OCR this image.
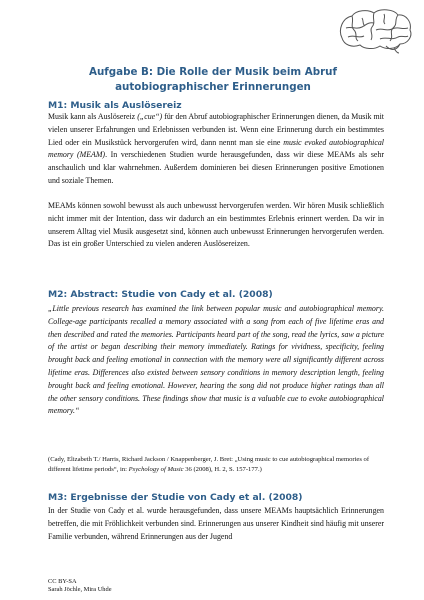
Aufgabe B: Die Rolle der Musik beim Abruf autobiographischer Erinnerungen
M1: Musik als Auslösereiz
Musik kann als Auslösereiz („cue“) für den Abruf autobiographischer Erinnerungen dienen, da Musik mit vielen unserer Erfahrungen und Erlebnissen verbunden ist. Wenn eine Erinnerung durch ein bestimmtes Lied oder ein Musikstück hervorgerufen wird, dann nennt man sie eine music evoked autobiographical memory (MEAM). In verschiedenen Studien wurde herausgefunden, dass wir diese MEAMs als sehr anschaulich und klar wahrnehmen. Außerdem dominieren bei diesen Erinnerungen positive Emotionen und soziale Themen.
MEAMs können sowohl bewusst als auch unbewusst hervorgerufen werden. Wir hören Musik schließlich nicht immer mit der Intention, dass wir dadurch an ein bestimmtes Erlebnis erinnert werden. Da wir in unserem Alltag viel Musik ausgesetzt sind, können auch unbewusst Erinnerungen hervorgerufen werden. Das ist ein großer Unterschied zu vielen anderen Auslösereizen.
M2: Abstract: Studie von Cady et al. (2008)
„Little previous research has examined the link between popular music and autobiographical memory. College-age participants recalled a memory associated with a song from each of five lifetime eras and then described and rated the memories. Participants heard part of the song, read the lyrics, saw a picture of the artist or began describing their memory immediately. Ratings for vividness, specificity, feeling brought back and feeling emotional in connection with the memory were all significantly different across lifetime eras. Differences also existed between sensory conditions in memory description length, feeling brought back and feeling emotional. However, hearing the song did not produce higher ratings than all the other sensory conditions. These findings show that music is a valuable cue to evoke autobiographical memory.“
(Cady, Elizabeth T./ Harris, Richard Jackson / Knappenberger, J. Bret: „Using music to cue autobiographical memories of different lifetime periods“, in: Psychology of Music 36 (2008), H. 2, S. 157-177.)
M3: Ergebnisse der Studie von Cady et al. (2008)
In der Studie von Cady et al. wurde herausgefunden, dass unsere MEAMs hauptsächlich Erinnerungen betreffen, die mit Fröhlichkeit verbunden sind. Erinnerungen aus unserer Kindheit sind häufig mit unserer Familie verbunden, während Erinnerungen aus der Jugend
CC BY-SA
Sarah Jöchle, Mira Uhde
